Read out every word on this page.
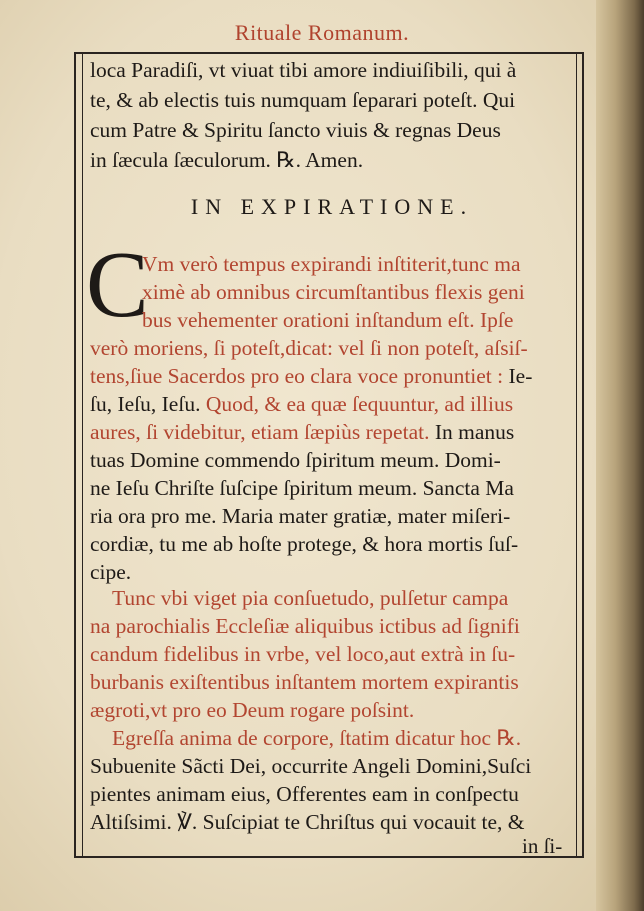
Rituale Romanum.
loca Paradiſi, vt viuat tibi amore indiuiſibili, qui à
te, & ab electis tuis numquam ſeparari poteſt. Qui
cum Patre & Spiritu ſancto viuis & regnas Deus
in ſæcula ſæculorum. ℞. Amen.
IN EXPIRATIONE.
C
Vm verò tempus expirandi inſtiterit,tunc ma
ximè ab omnibus circumſtantibus flexis geni
bus vehementer orationi inſtandum eſt. Ipſe
verò moriens, ſi poteſt,dicat: vel ſi non poteſt, aſsiſ-
tens,ſiue Sacerdos pro eo clara voce pronuntiet : Ie-
ſu, Ieſu, Ieſu. Quod, & ea quæ ſequuntur, ad illius
aures, ſi videbitur, etiam ſæpiùs repetat. In manus
tuas Domine commendo ſpiritum meum. Domi-
ne Ieſu Chriſte ſuſcipe ſpiritum meum. Sancta Ma
ria ora pro me. Maria mater gratiæ, mater miſeri-
cordiæ, tu me ab hoſte protege, & hora mortis ſuſ-
cipe.
Tunc vbi viget pia conſuetudo, pulſetur campa
na parochialis Eccleſiæ aliquibus ictibus ad ſignifi
candum fidelibus in vrbe, vel loco,aut extrà in ſu-
burbanis exiſtentibus inſtantem mortem expirantis
ægroti,vt pro eo Deum rogare poſsint.
Egreſſa anima de corpore, ſtatim dicatur hoc ℞.
Subuenite Sãcti Dei, occurrite Angeli Domini,Suſci
pientes animam eius, Offerentes eam in conſpectu
Altiſsimi. ℣. Suſcipiat te Chriſtus qui vocauit te, &
in ſi-
